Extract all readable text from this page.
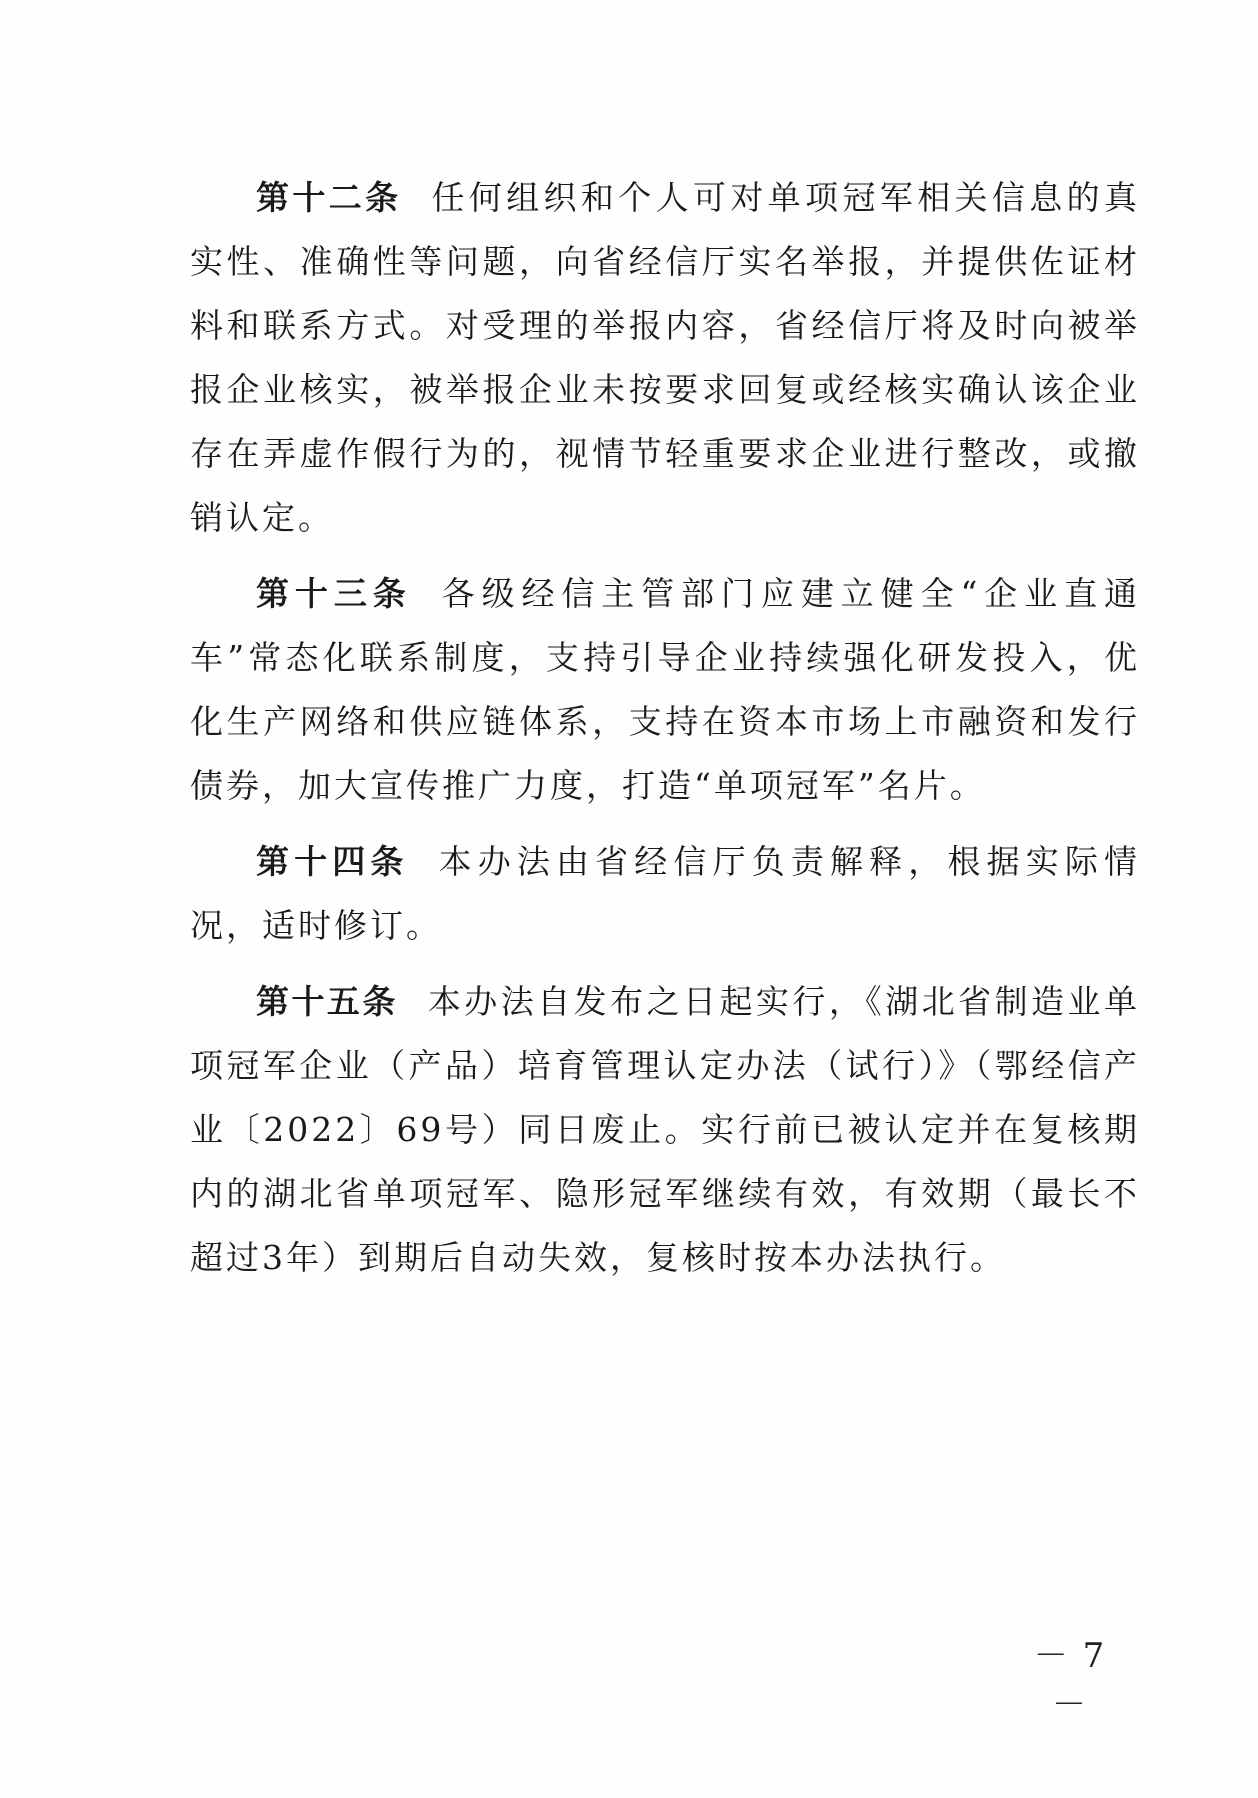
第十二条 任何组织和个人可对单项冠军相关信息的真实性、准确性等问题，向省经信厅实名举报，并提供佐证材料和联系方式。对受理的举报内容，省经信厅将及时向被举报企业核实，被举报企业未按要求回复或经核实确认该企业存在弄虚作假行为的，视情节轻重要求企业进行整改，或撤销认定。

第十三条 各级经信主管部门应建立健全“企业直通车”常态化联系制度，支持引导企业持续强化研发投入，优化生产网络和供应链体系，支持在资本市场上市融资和发行债券，加大宣传推广力度，打造“单项冠军”名片。

第十四条 本办法由省经信厅负责解释，根据实际情况，适时修订。

第十五条 本办法自发布之日起实行，《湖北省制造业单项冠军企业（产品）培育管理认定办法（试行）》（鄂经信产业〔2022〕69号）同日废止。实行前已被认定并在复核期内的湖北省单项冠军、隐形冠军继续有效，有效期（最长不超过3年）到期后自动失效，复核时按本办法执行。

－ 7 －
